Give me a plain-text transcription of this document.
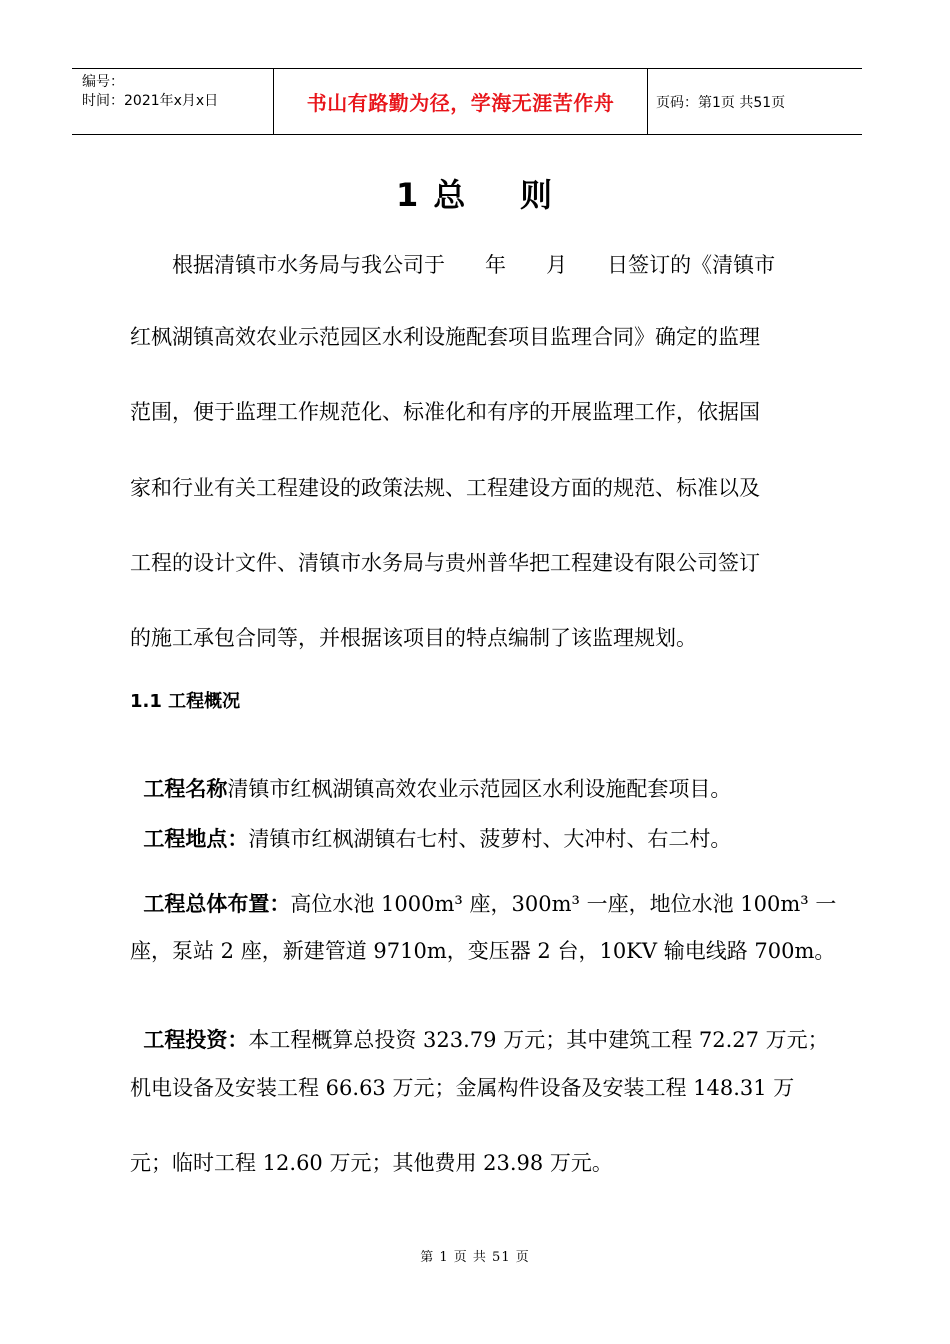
编号：
时间：2021年x月x日	书山有路勤为径，学海无涯苦作舟	页码：第1页 共51页
1 总    则
根据清镇市水务局与我公司于      年      月      日签订的《清镇市
红枫湖镇高效农业示范园区水利设施配套项目监理合同》确定的监理
范围，便于监理工作规范化、标准化和有序的开展监理工作，依据国
家和行业有关工程建设的政策法规、工程建设方面的规范、标准以及
工程的设计文件、清镇市水务局与贵州普华把工程建设有限公司签订
的施工承包合同等，并根据该项目的特点编制了该监理规划。
1.1 工程概况

工程名称清镇市红枫湖镇高效农业示范园区水利设施配套项目。

工程地点：清镇市红枫湖镇右七村、菠萝村、大冲村、右二村。

工程总体布置：高位水池 1000m³ 座，300m³ 一座，地位水池 100m³ 一

座，泵站 2 座，新建管道 9710m，变压器 2 台，10KV 输电线路 700m。

工程投资：本工程概算总投资 323.79 万元；其中建筑工程 72.27 万元；

机电设备及安装工程 66.63 万元；金属构件设备及安装工程 148.31 万
元；临时工程 12.60 万元；其他费用 23.98 万元。
第 1 页 共 51 页
